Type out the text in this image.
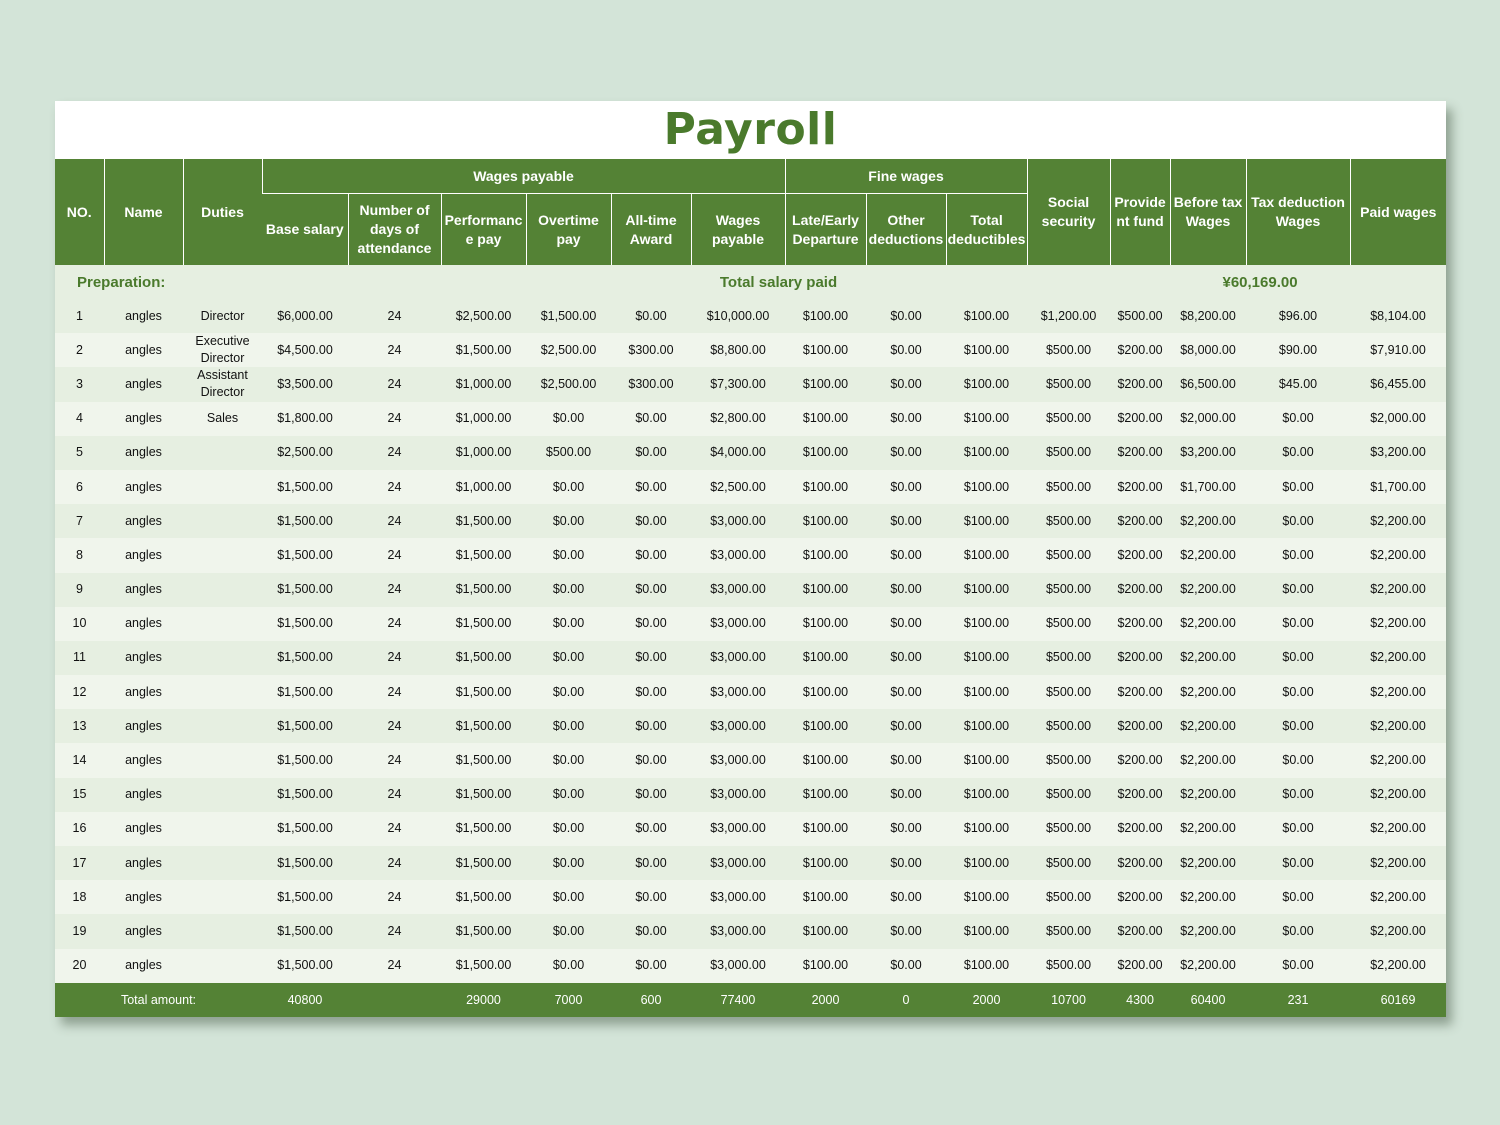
Payroll
Preparation:								Total salary paid						¥60,169.00		
NO.	Name	Duties	Wages payable						Fine wages			Social security	Provide nt fund	Before tax Wages	Tax deduction Wages	Paid wages
			Base salary	Number of days of attendance	Performanc e pay	Overtime pay	All-time Award	Wages payable	Late/Early Departure	Other deductions	Total deductibles					
1	angles	Director	$6,000.00	24	$2,500.00	$1,500.00	$0.00	$10,000.00	$100.00	$0.00	$100.00	$1,200.00	$500.00	$8,200.00	$96.00	$8,104.00
2	angles	Executive Director	$4,500.00	24	$1,500.00	$2,500.00	$300.00	$8,800.00	$100.00	$0.00	$100.00	$500.00	$200.00	$8,000.00	$90.00	$7,910.00
3	angles	Assistant Director	$3,500.00	24	$1,000.00	$2,500.00	$300.00	$7,300.00	$100.00	$0.00	$100.00	$500.00	$200.00	$6,500.00	$45.00	$6,455.00
4	angles	Sales	$1,800.00	24	$1,000.00	$0.00	$0.00	$2,800.00	$100.00	$0.00	$100.00	$500.00	$200.00	$2,000.00	$0.00	$2,000.00
5	angles		$2,500.00	24	$1,000.00	$500.00	$0.00	$4,000.00	$100.00	$0.00	$100.00	$500.00	$200.00	$3,200.00	$0.00	$3,200.00
6	angles		$1,500.00	24	$1,000.00	$0.00	$0.00	$2,500.00	$100.00	$0.00	$100.00	$500.00	$200.00	$1,700.00	$0.00	$1,700.00
7	angles		$1,500.00	24	$1,500.00	$0.00	$0.00	$3,000.00	$100.00	$0.00	$100.00	$500.00	$200.00	$2,200.00	$0.00	$2,200.00
8	angles		$1,500.00	24	$1,500.00	$0.00	$0.00	$3,000.00	$100.00	$0.00	$100.00	$500.00	$200.00	$2,200.00	$0.00	$2,200.00
9	angles		$1,500.00	24	$1,500.00	$0.00	$0.00	$3,000.00	$100.00	$0.00	$100.00	$500.00	$200.00	$2,200.00	$0.00	$2,200.00
10	angles		$1,500.00	24	$1,500.00	$0.00	$0.00	$3,000.00	$100.00	$0.00	$100.00	$500.00	$200.00	$2,200.00	$0.00	$2,200.00
11	angles		$1,500.00	24	$1,500.00	$0.00	$0.00	$3,000.00	$100.00	$0.00	$100.00	$500.00	$200.00	$2,200.00	$0.00	$2,200.00
12	angles		$1,500.00	24	$1,500.00	$0.00	$0.00	$3,000.00	$100.00	$0.00	$100.00	$500.00	$200.00	$2,200.00	$0.00	$2,200.00
13	angles		$1,500.00	24	$1,500.00	$0.00	$0.00	$3,000.00	$100.00	$0.00	$100.00	$500.00	$200.00	$2,200.00	$0.00	$2,200.00
14	angles		$1,500.00	24	$1,500.00	$0.00	$0.00	$3,000.00	$100.00	$0.00	$100.00	$500.00	$200.00	$2,200.00	$0.00	$2,200.00
15	angles		$1,500.00	24	$1,500.00	$0.00	$0.00	$3,000.00	$100.00	$0.00	$100.00	$500.00	$200.00	$2,200.00	$0.00	$2,200.00
16	angles		$1,500.00	24	$1,500.00	$0.00	$0.00	$3,000.00	$100.00	$0.00	$100.00	$500.00	$200.00	$2,200.00	$0.00	$2,200.00
17	angles		$1,500.00	24	$1,500.00	$0.00	$0.00	$3,000.00	$100.00	$0.00	$100.00	$500.00	$200.00	$2,200.00	$0.00	$2,200.00
18	angles		$1,500.00	24	$1,500.00	$0.00	$0.00	$3,000.00	$100.00	$0.00	$100.00	$500.00	$200.00	$2,200.00	$0.00	$2,200.00
19	angles		$1,500.00	24	$1,500.00	$0.00	$0.00	$3,000.00	$100.00	$0.00	$100.00	$500.00	$200.00	$2,200.00	$0.00	$2,200.00
20	angles		$1,500.00	24	$1,500.00	$0.00	$0.00	$3,000.00	$100.00	$0.00	$100.00	$500.00	$200.00	$2,200.00	$0.00	$2,200.00
Total amount:			40800		29000	7000	600	77400	2000	0	2000	10700	4300	60400	231	60169
